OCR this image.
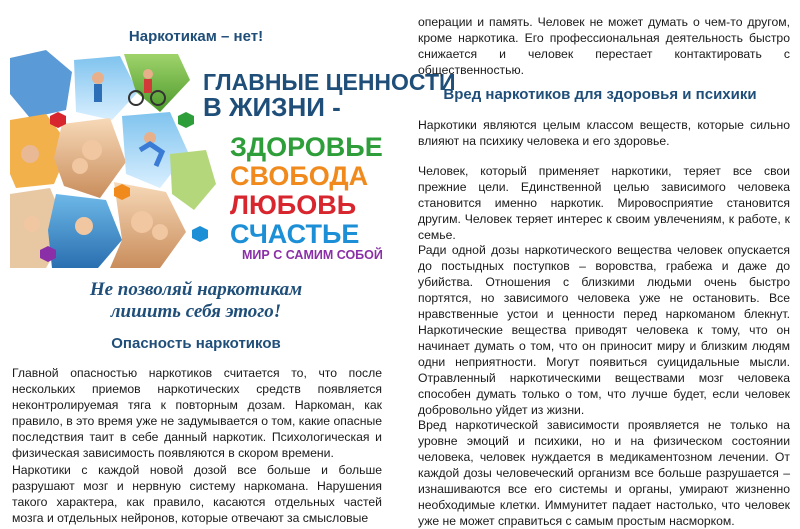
Наркотикам – нет!
ГЛАВНЫЕ ЦЕННОСТИ
В ЖИЗНИ -
ЗДОРОВЬЕ
СВОБОДА
ЛЮБОВЬ
СЧАСТЬЕ
МИР С САМИМ СОБОЙ
Не позволяй наркотикам
лишить себя этого!
Опасность наркотиков

Главной опасностью наркотиков считается то, что после нескольких приемов наркотических средств появляется неконтролируемая тяга к повторным дозам. Наркоман, как правило, в это время уже не задумывается о том, какие опасные последствия таит в себе данный наркотик. Психологическая и физическая зависимость появляются в скором времени.

Наркотики с каждой новой дозой все больше и больше разрушают мозг и нервную систему наркомана. Нарушения такого характера, как правило, касаются отдельных частей мозга и отдельных нейронов, которые отвечают за смысловые

операции и память. Человек не может думать о чем-то другом, кроме наркотика. Его профессиональная деятельность быстро снижается и человек перестает контактировать с общественностью.

Вред наркотиков для здоровья и психики

Наркотики являются целым классом веществ, которые сильно влияют на психику человека и его здоровье.

Человек, который применяет наркотики, теряет все свои прежние цели. Единственной целью зависимого человека становится именно наркотик. Мировосприятие становится другим. Человек теряет интерес к своим увлечениям, к работе, к семье.

Ради одной дозы наркотического вещества человек опускается до постыдных поступков – воровства, грабежа и даже до убийства. Отношения с близкими людьми очень быстро портятся, но зависимого человека уже не остановить. Все нравственные устои и ценности перед наркоманом блекнут. Наркотические вещества приводят человека к тому, что он начинает думать о том, что он приносит миру и близким людям одни неприятности. Могут появиться суицидальные мысли. Отравленный наркотическими веществами мозг человека способен думать только о том, что лучше будет, если человек добровольно уйдет из жизни.

Вред наркотической зависимости проявляется не только на уровне эмоций и психики, но и на физическом состоянии человека, человек нуждается в медикаментозном лечении. От каждой дозы человеческий организм все больше разрушается – изнашиваются все его системы и органы, умирают жизненно необходимые клетки. Иммунитет падает настолько, что человек уже не может справиться с самым простым насморком.
